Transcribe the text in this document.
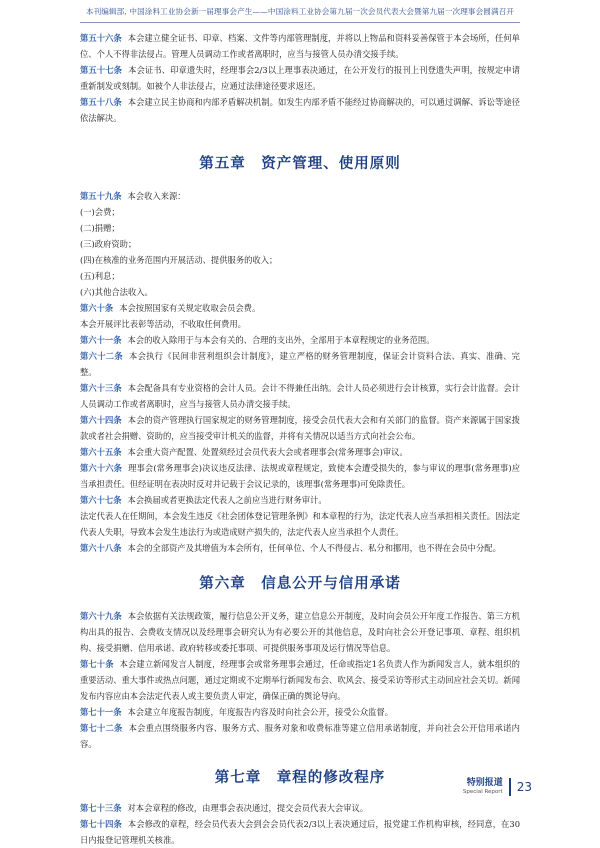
本刊编辑部, 中国涂料工业协会新一届理事会产生——中国涂料工业协会第九届一次会员代表大会暨第九届一次理事会圆满召开

第五十六条 本会建立健全证书、印章、档案、文件等内部管理制度，并将以上物品和资料妥善保管于本会场所，任何单位、个人不得非法侵占。管理人员调动工作或者离职时，应当与接管人员办清交接手续。

第五十七条 本会证书、印章遗失时，经理事会2/3以上理事表决通过，在公开发行的报刊上刊登遗失声明，按规定申请重新制发或刻制。如被个人非法侵占，应通过法律途径要求返还。

第五十八条 本会建立民主协商和内部矛盾解决机制。如发生内部矛盾不能经过协商解决的，可以通过调解、诉讼等途径依法解决。

第五章　资产管理、使用原则

第五十九条 本会收入来源：

(一)会费；

(二)捐赠；

(三)政府资助；

(四)在核准的业务范围内开展活动、提供服务的收入；

(五)利息；

(六)其他合法收入。

第六十条 本会按照国家有关规定收取会员会费。

本会开展评比表彰等活动，不收取任何费用。

第六十一条 本会的收入除用于与本会有关的、合理的支出外，全部用于本章程规定的业务范围。

第六十二条 本会执行《民间非营利组织会计制度》，建立严格的财务管理制度，保证会计资料合法、真实、准确、完整。

第六十三条 本会配备具有专业资格的会计人员。会计不得兼任出纳。会计人员必须进行会计核算，实行会计监督。会计人员调动工作或者离职时，应当与接管人员办清交接手续。

第六十四条 本会的资产管理执行国家规定的财务管理制度，接受会员代表大会和有关部门的监督。资产来源属于国家拨款或者社会捐赠、资助的，应当接受审计机关的监督，并将有关情况以适当方式向社会公布。

第六十五条 本会重大资产配置、处置须经过会员代表大会或者理事会(常务理事会)审议。

第六十六条 理事会(常务理事会)决议违反法律、法规或章程规定，致使本会遭受损失的，参与审议的理事(常务理事)应当承担责任。但经证明在表决时反对并记载于会议记录的，该理事(常务理事)可免除责任。

第六十七条 本会换届或者更换法定代表人之前应当进行财务审计。

法定代表人在任期间，本会发生违反《社会团体登记管理条例》和本章程的行为，法定代表人应当承担相关责任。因法定代表人失职，导致本会发生违法行为或造成财产损失的，法定代表人应当承担个人责任。

第六十八条 本会的全部资产及其增值为本会所有，任何单位、个人不得侵占、私分和挪用，也不得在会员中分配。

第六章　信息公开与信用承诺

第六十九条 本会依据有关法规政策，履行信息公开义务，建立信息公开制度，及时向会员公开年度工作报告、第三方机构出具的报告、会费收支情况以及经理事会研究认为有必要公开的其他信息，及时向社会公开登记事项、章程、组织机构、接受捐赠、信用承诺、政府转移或委托事项、可提供服务事项及运行情况等信息。

第七十条 本会建立新闻发言人制度，经理事会或常务理事会通过，任命或指定1名负责人作为新闻发言人，就本组织的重要活动、重大事件或热点问题，通过定期或不定期举行新闻发布会、吹风会、接受采访等形式主动回应社会关切。新闻发布内容应由本会法定代表人或主要负责人审定，确保正确的舆论导向。

第七十一条 本会建立年度报告制度，年度报告内容及时向社会公开，接受公众监督。

第七十二条 本会重点围绕服务内容、服务方式、服务对象和收费标准等建立信用承诺制度，并向社会公开信用承诺内容。

第七章　章程的修改程序

第七十三条 对本会章程的修改，由理事会表决通过，提交会员代表大会审议。

第七十四条 本会修改的章程，经会员代表大会到会会员代表2/3以上表决通过后，报党建工作机构审核，经同意，在30日内报登记管理机关核准。

特别报道
Special Report 23
